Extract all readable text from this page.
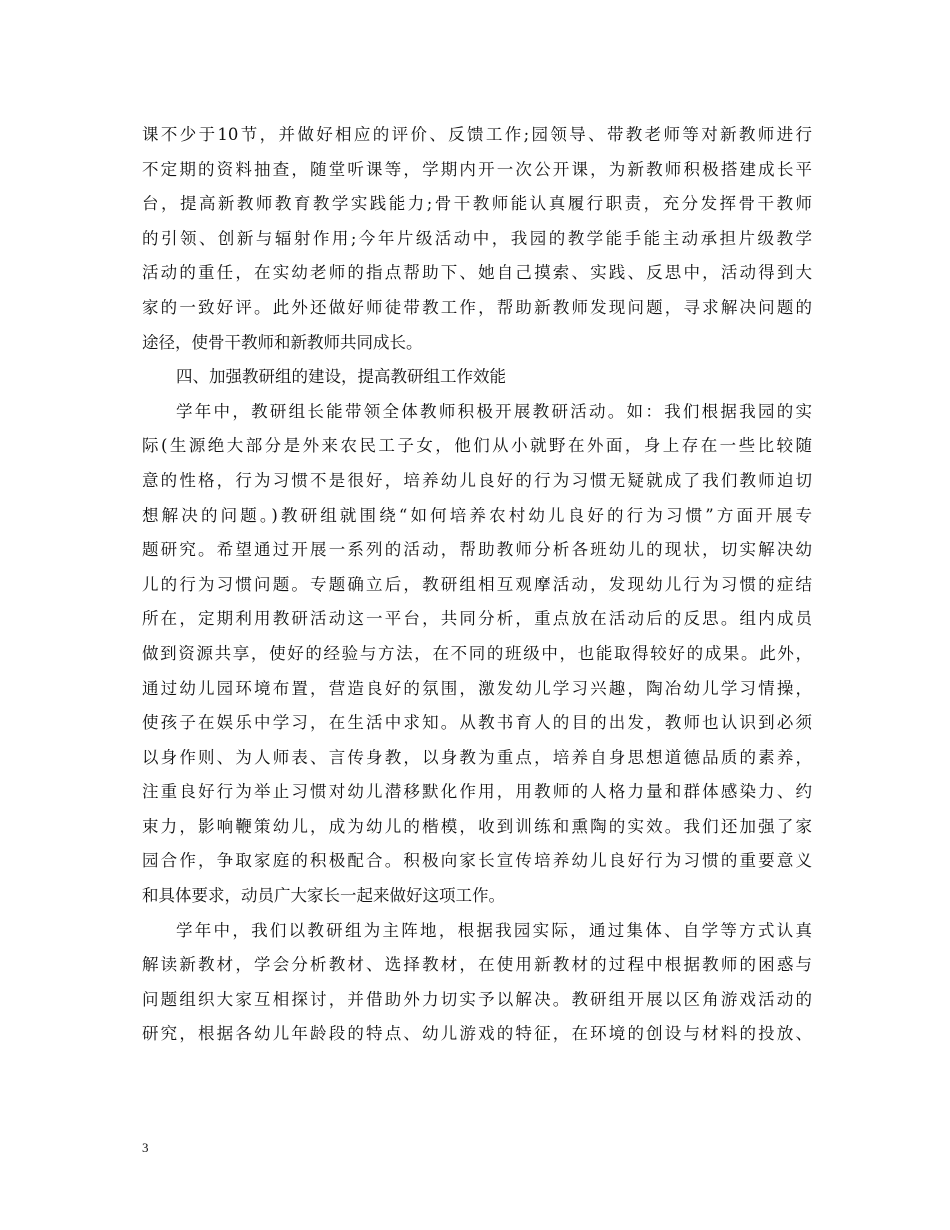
课不少于10节，并做好相应的评价、反馈工作;园领导、带教老师等对新教师进行
不定期的资料抽查，随堂听课等，学期内开一次公开课，为新教师积极搭建成长平
台，提高新教师教育教学实践能力;骨干教师能认真履行职责，充分发挥骨干教师
的引领、创新与辐射作用;今年片级活动中，我园的教学能手能主动承担片级教学
活动的重任，在实幼老师的指点帮助下、她自己摸索、实践、反思中，活动得到大
家的一致好评。此外还做好师徒带教工作，帮助新教师发现问题，寻求解决问题的
途径，使骨干教师和新教师共同成长。
四、加强教研组的建设，提高教研组工作效能
学年中，教研组长能带领全体教师积极开展教研活动。如：我们根据我园的实
际(生源绝大部分是外来农民工子女，他们从小就野在外面，身上存在一些比较随
意的性格，行为习惯不是很好，培养幼儿良好的行为习惯无疑就成了我们教师迫切
想解决的问题。)教研组就围绕“如何培养农村幼儿良好的行为习惯”方面开展专
题研究。希望通过开展一系列的活动，帮助教师分析各班幼儿的现状，切实解决幼
儿的行为习惯问题。专题确立后，教研组相互观摩活动，发现幼儿行为习惯的症结
所在，定期利用教研活动这一平台，共同分析，重点放在活动后的反思。组内成员
做到资源共享，使好的经验与方法，在不同的班级中，也能取得较好的成果。此外，
通过幼儿园环境布置，营造良好的氛围，激发幼儿学习兴趣，陶冶幼儿学习情操，
使孩子在娱乐中学习，在生活中求知。从教书育人的目的出发，教师也认识到必须
以身作则、为人师表、言传身教，以身教为重点，培养自身思想道德品质的素养，
注重良好行为举止习惯对幼儿潜移默化作用，用教师的人格力量和群体感染力、约
束力，影响鞭策幼儿，成为幼儿的楷模，收到训练和熏陶的实效。我们还加强了家
园合作，争取家庭的积极配合。积极向家长宣传培养幼儿良好行为习惯的重要意义
和具体要求，动员广大家长一起来做好这项工作。
学年中，我们以教研组为主阵地，根据我园实际，通过集体、自学等方式认真
解读新教材，学会分析教材、选择教材，在使用新教材的过程中根据教师的困惑与
问题组织大家互相探讨，并借助外力切实予以解决。教研组开展以区角游戏活动的
研究，根据各幼儿年龄段的特点、幼儿游戏的特征，在环境的创设与材料的投放、
3
